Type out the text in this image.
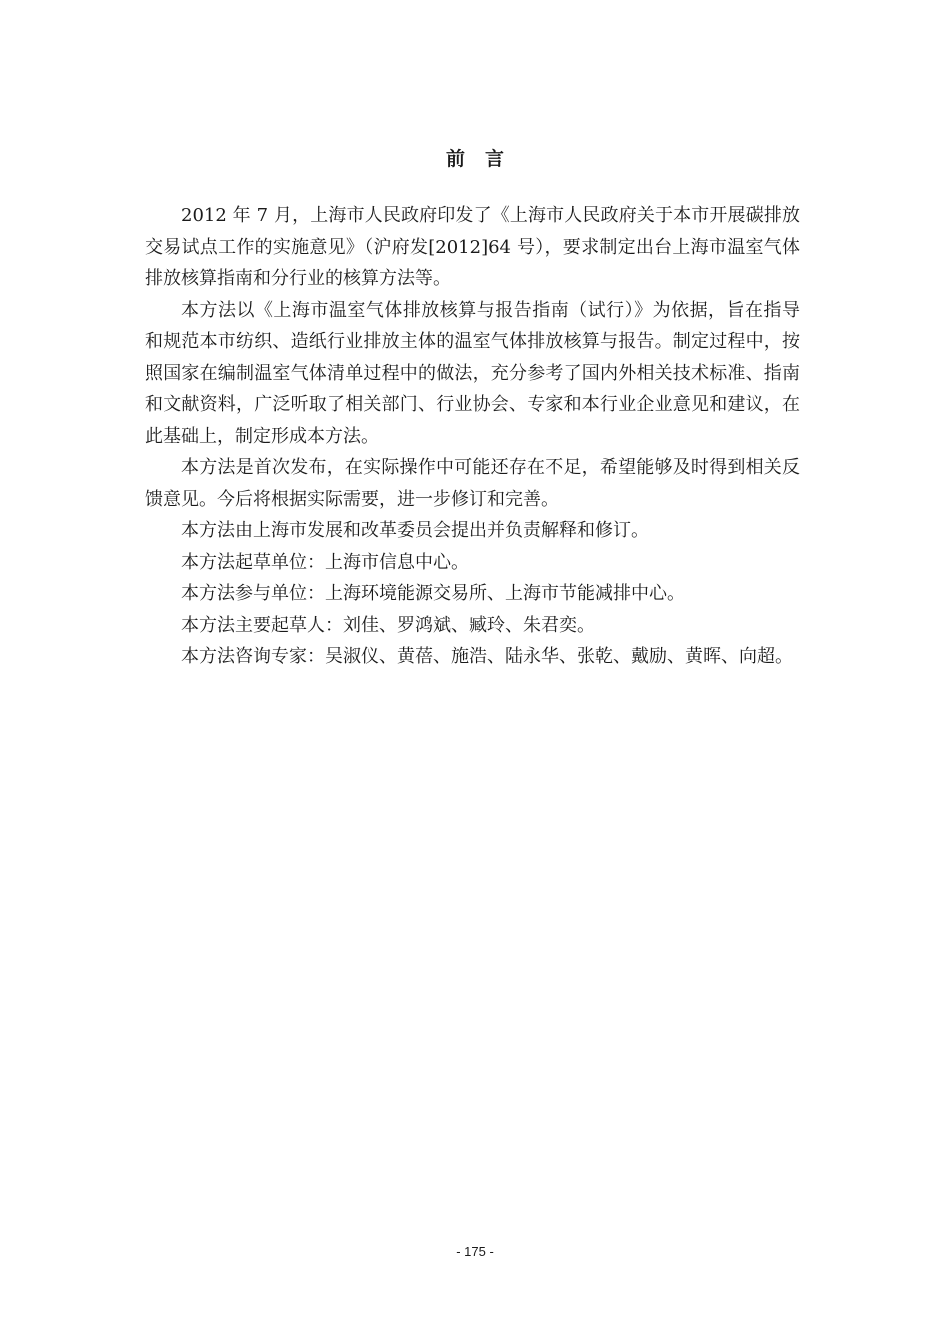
前 言

2012 年 7 月，上海市人民政府印发了《上海市人民政府关于本市开展碳排放交易试点工作的实施意见》（沪府发[2012]64 号），要求制定出台上海市温室气体排放核算指南和分行业的核算方法等。

本方法以《上海市温室气体排放核算与报告指南（试行）》为依据，旨在指导和规范本市纺织、造纸行业排放主体的温室气体排放核算与报告。制定过程中，按照国家在编制温室气体清单过程中的做法，充分参考了国内外相关技术标准、指南和文献资料，广泛听取了相关部门、行业协会、专家和本行业企业意见和建议，在此基础上，制定形成本方法。

本方法是首次发布，在实际操作中可能还存在不足，希望能够及时得到相关反馈意见。今后将根据实际需要，进一步修订和完善。

本方法由上海市发展和改革委员会提出并负责解释和修订。

本方法起草单位：上海市信息中心。

本方法参与单位：上海环境能源交易所、上海市节能减排中心。

本方法主要起草人：刘佳、罗鸿斌、臧玲、朱君奕。

本方法咨询专家：吴淑仪、黄蓓、施浩、陆永华、张乾、戴励、黄晖、向超。

- 175 -
